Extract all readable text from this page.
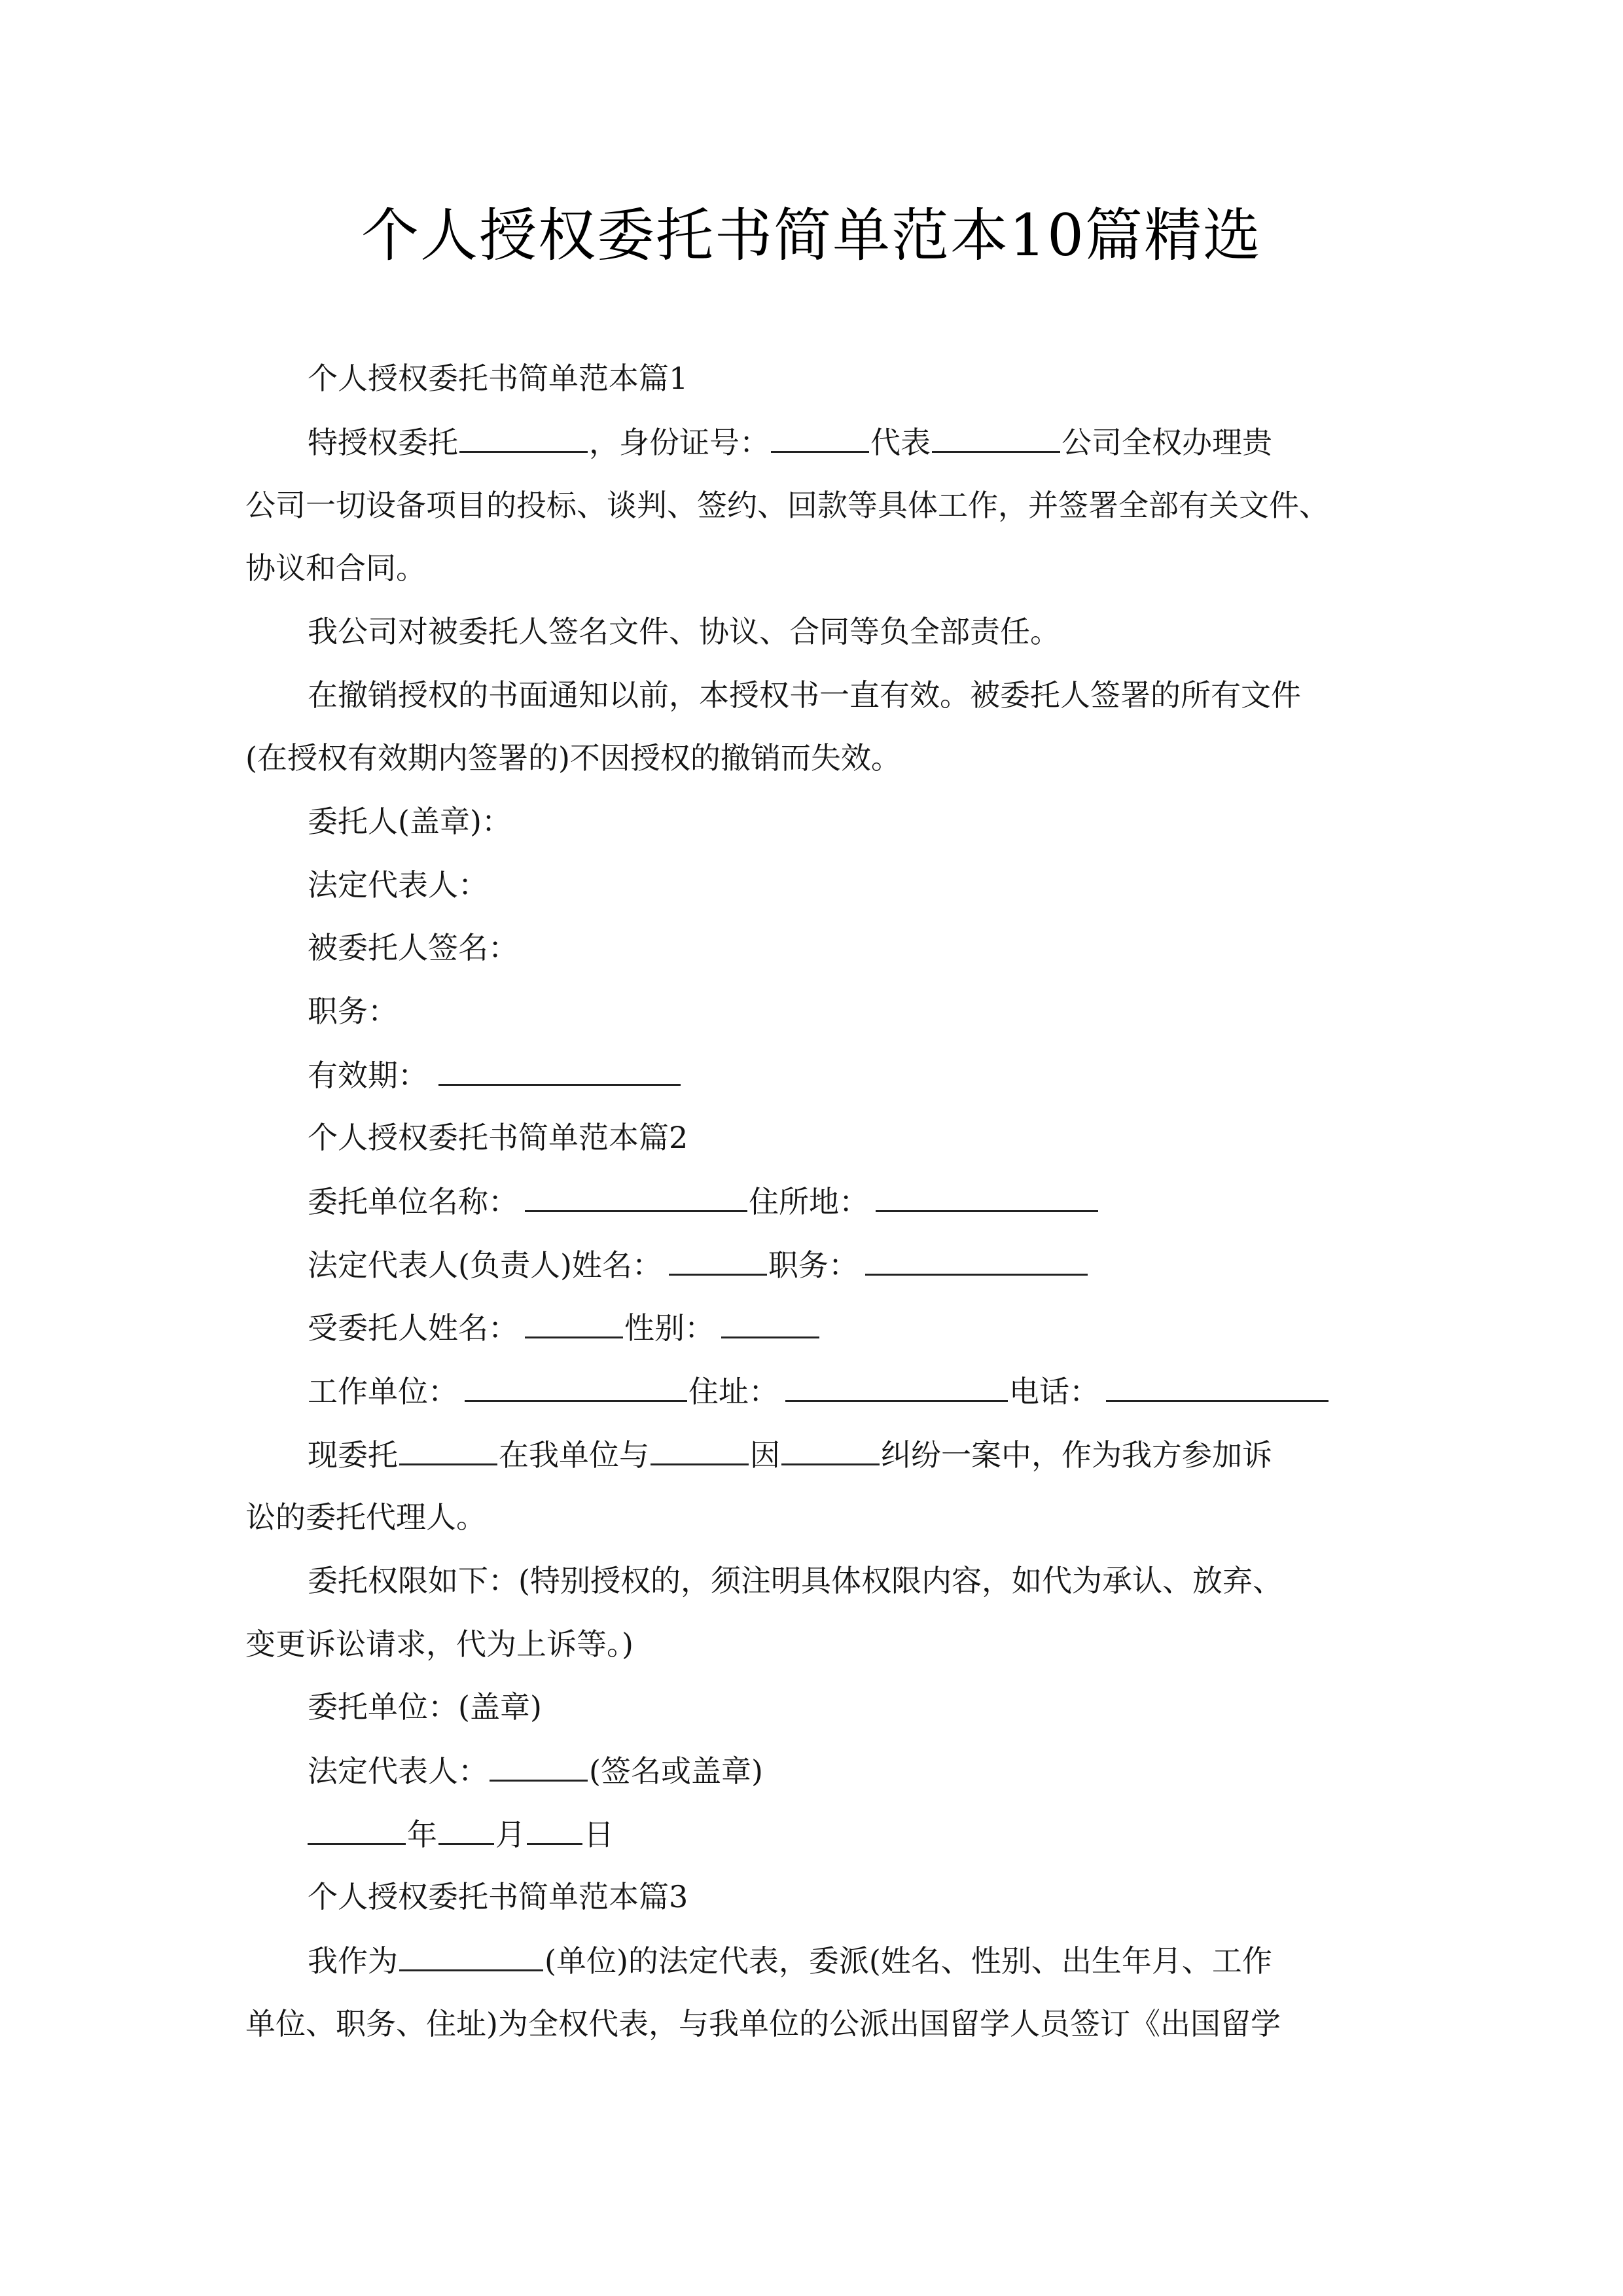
个人授权委托书简单范本10篇精选
个人授权委托书简单范本篇1
特授权委托	，身份证号：	代表	公司全权办理贵
公司一切设备项目的投标、谈判、签约、回款等具体工作，并签署全部有关文件、
协议和合同。
我公司对被委托人签名文件、协议、合同等负全部责任。
在撤销授权的书面通知以前，本授权书一直有效。被委托人签署的所有文件
(在授权有效期内签署的)不因授权的撤销而失效。
委托人(盖章)：
法定代表人：
被委托人签名：
职务：
有效期：
个人授权委托书简单范本篇2
委托单位名称：	住所地：
法定代表人(负责人)姓名：	职务：
受委托人姓名：	性别：
工作单位：	住址：	电话：
现委托	在我单位与	因	纠纷一案中，作为我方参加诉
讼的委托代理人。
委托权限如下：(特别授权的，须注明具体权限内容，如代为承认、放弃、
变更诉讼请求，代为上诉等。)
委托单位：(盖章)
法定代表人：	(签名或盖章)
年 月 日
个人授权委托书简单范本篇3
我作为	(单位)的法定代表，委派(姓名、性别、出生年月、工作
单位、职务、住址)为全权代表，与我单位的公派出国留学人员签订《出国留学
